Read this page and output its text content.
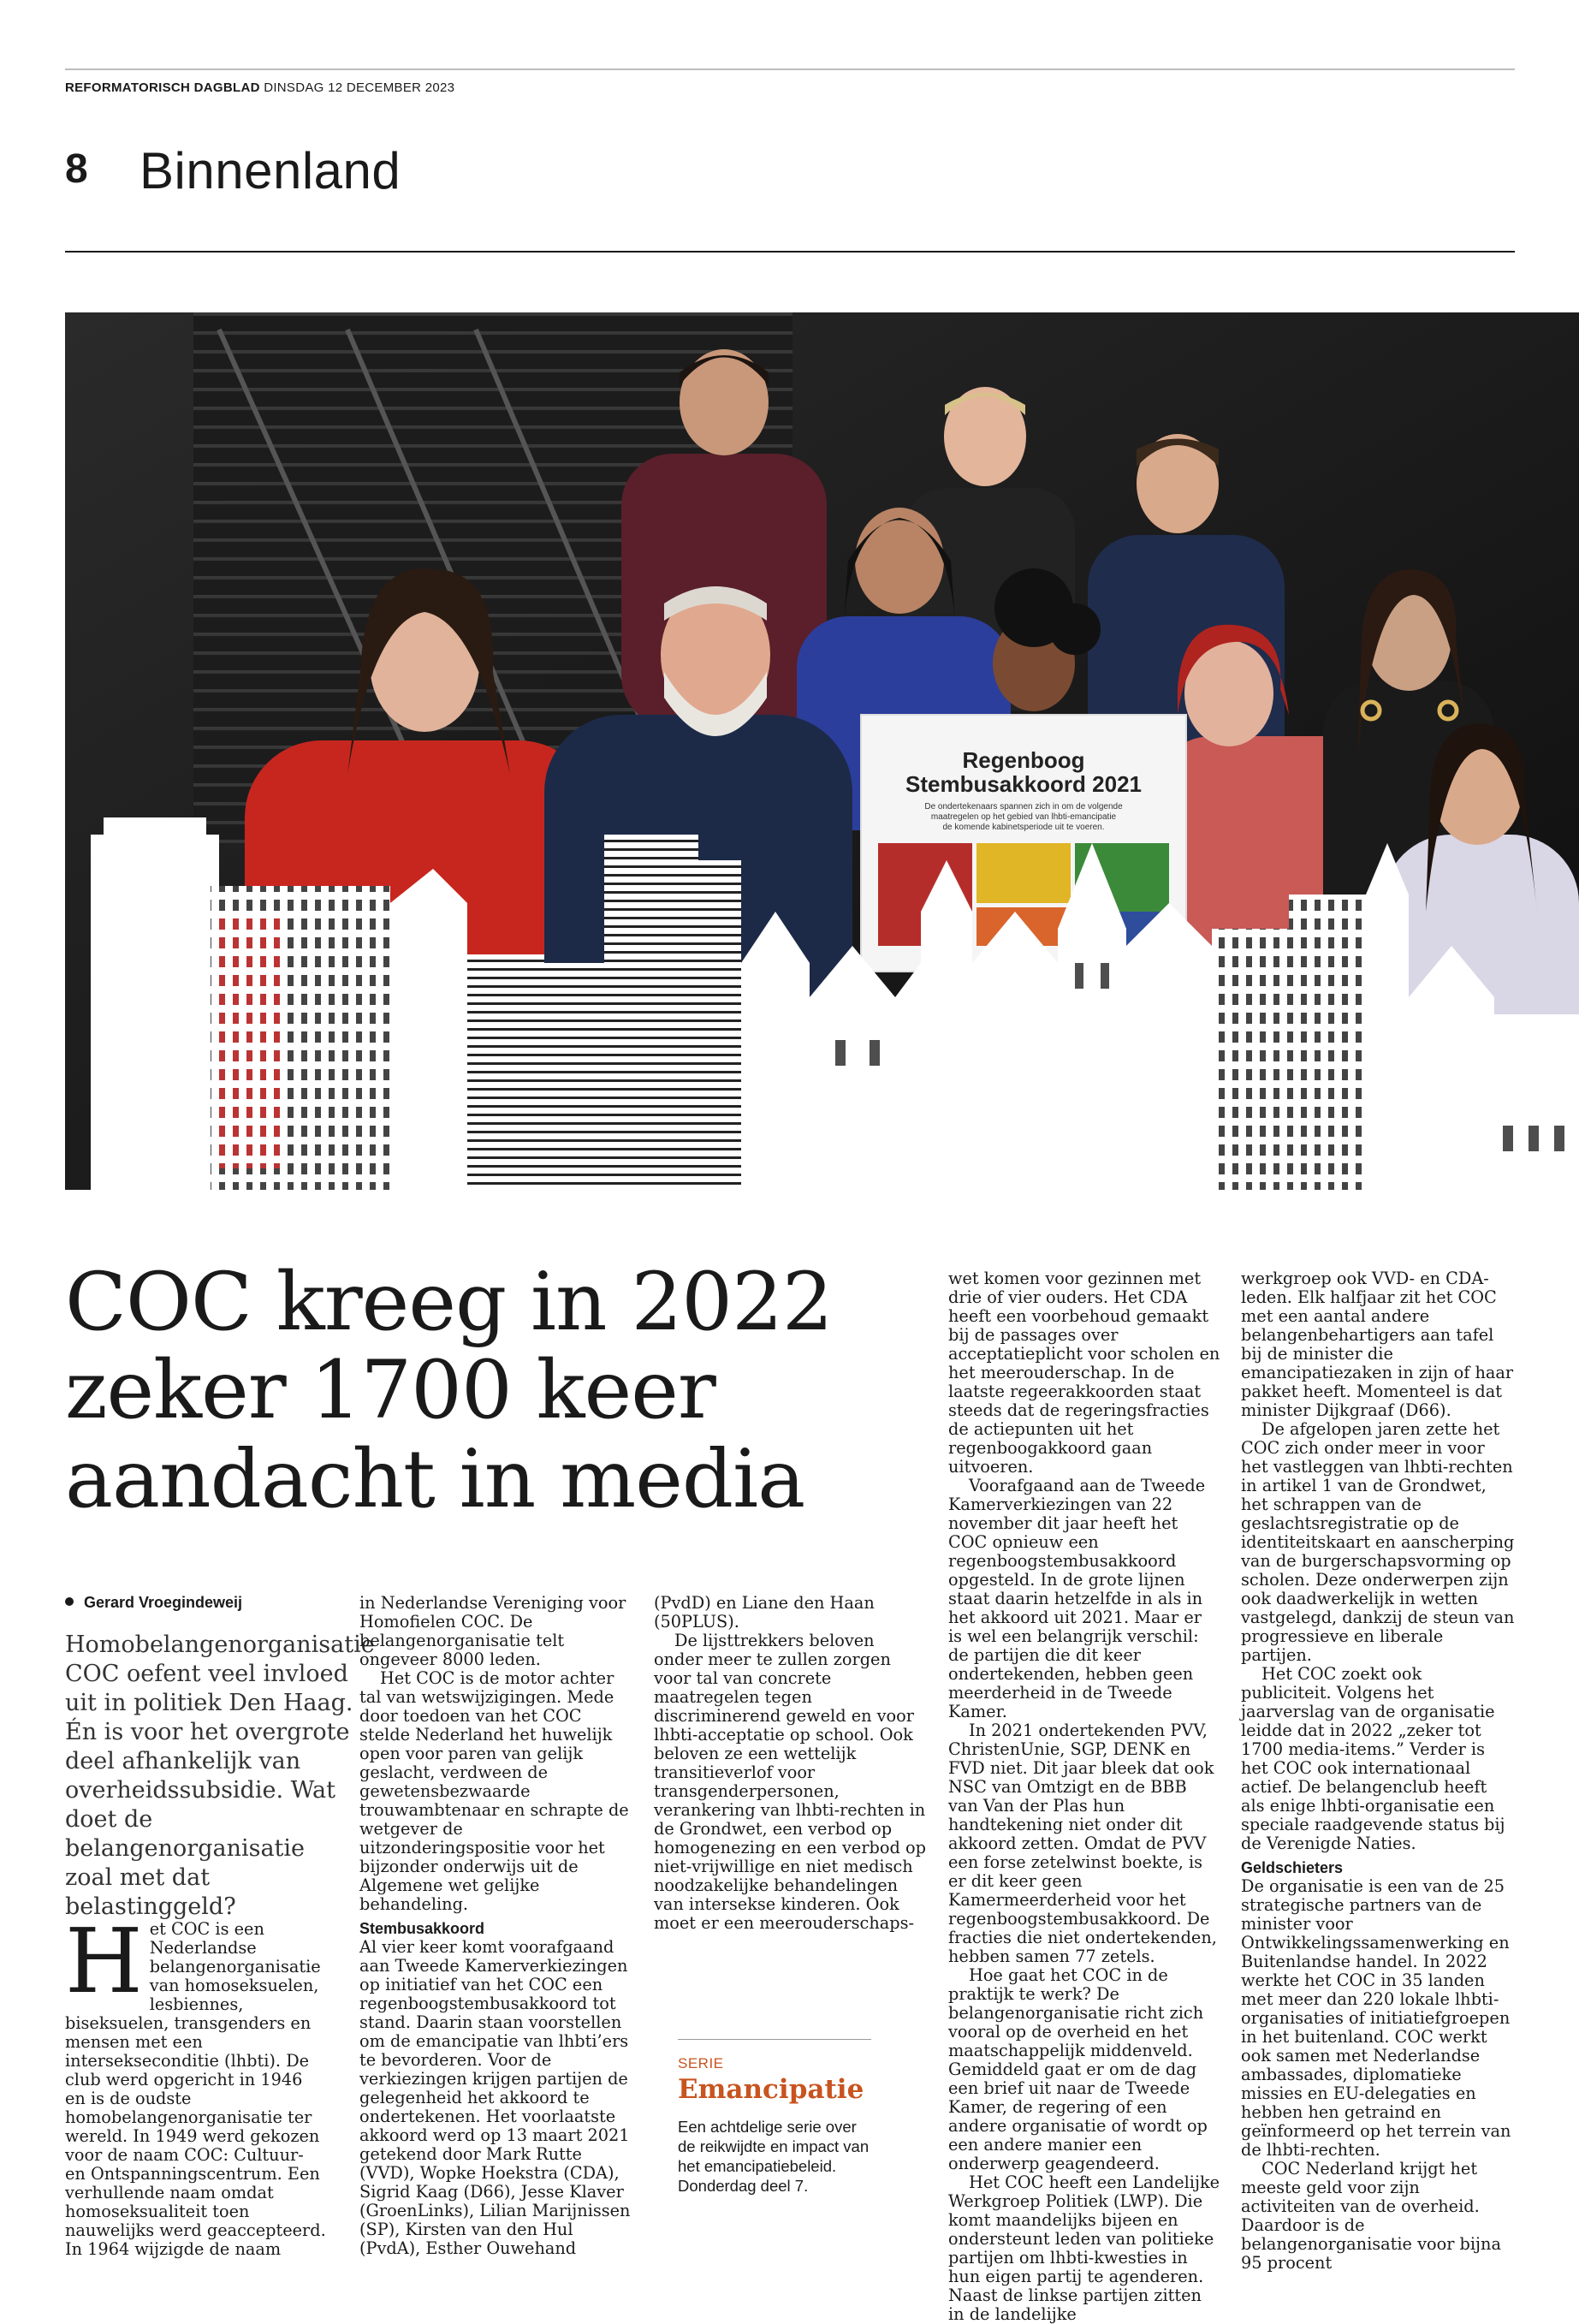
REFORMATORISCH DAGBLAD DINSDAG 12 DECEMBER 2023
8 Binnenland
Regenboog
Stembusakkoord 2021
De ondertekenaars spannen zich in om de volgende
maatregelen op het gebied van lhbti-emancipatie
de komende kabinetsperiode uit te voeren.
COC kreeg in 2022 zeker 1700 keer aandacht in media
Gerard Vroegindeweij
Homobelangenorganisatie COC oefent veel invloed uit in politiek Den Haag. Én is voor het overgrote deel afhankelijk van overheidssubsidie. Wat doet de belangenorganisatie zoal met dat belastinggeld?

Het COC is een Nederlandse belangenorganisatie van homoseksuelen, lesbiennes, biseksuelen, transgenders en mensen met een intersekseconditie (lhbti). De club werd opgericht in 1946 en is de oudste homobelangenorganisatie ter wereld. In 1949 werd gekozen voor de naam COC: Cultuur- en Ontspanningscentrum. Een verhullende naam omdat homoseksualiteit toen nauwelijks werd geaccepteerd. In 1964 wijzigde de naam

in Nederlandse Vereniging voor Homofielen COC. De belangenorganisatie telt ongeveer 8000 leden.

Het COC is de motor achter tal van wetswijzigingen. Mede door toedoen van het COC stelde Nederland het huwelijk open voor paren van gelijk geslacht, verdween de gewetensbezwaarde trouwambtenaar en schrapte de wetgever de uitzonderingspositie voor het bijzonder onderwijs uit de Algemene wet gelijke behandeling.

Stembusakkoord

Al vier keer komt voorafgaand aan Tweede Kamerverkiezingen op initiatief van het COC een regenboogstembusakkoord tot stand. Daarin staan voorstellen om de emancipatie van lhbti’ers te bevorderen. Voor de verkiezingen krijgen partijen de gelegenheid het akkoord te ondertekenen. Het voorlaatste akkoord werd op 13 maart 2021 getekend door Mark Rutte (VVD), Wopke Hoekstra (CDA), Sigrid Kaag (D66), Jesse Klaver (GroenLinks), Lilian Marijnissen (SP), Kirsten van den Hul (PvdA), Esther Ouwehand

(PvdD) en Liane den Haan (50PLUS).

De lijsttrekkers beloven onder meer te zullen zorgen voor tal van concrete maatregelen tegen discriminerend geweld en voor lhbti-acceptatie op school. Ook beloven ze een wettelijk transitieverlof voor transgenderpersonen, verankering van lhbti-rechten in de Grondwet, een verbod op homogenezing en een verbod op niet-vrijwillige en niet medisch noodzakelijke behandelingen van intersekse kinderen. Ook moet er een meerouderschaps-

SERIE
Emancipatie
Een achtdelige serie over de reikwijdte en impact van het emancipatiebeleid. Donderdag deel 7.

wet komen voor gezinnen met drie of vier ouders. Het CDA heeft een voorbehoud gemaakt bij de passages over acceptatieplicht voor scholen en het meerouderschap. In de laatste regeerakkoorden staat steeds dat de regeringsfracties de actiepunten uit het regenboogakkoord gaan uitvoeren.

Voorafgaand aan de Tweede Kamerverkiezingen van 22 november dit jaar heeft het COC opnieuw een regenboogstembusakkoord opgesteld. In de grote lijnen staat daarin hetzelfde in als in het akkoord uit 2021. Maar er is wel een belangrijk verschil: de partijen die dit keer ondertekenden, hebben geen meerderheid in de Tweede Kamer.

In 2021 ondertekenden PVV, ChristenUnie, SGP, DENK en FVD niet. Dit jaar bleek dat ook NSC van Omtzigt en de BBB van Van der Plas hun handtekening niet onder dit akkoord zetten. Omdat de PVV een forse zetelwinst boekte, is er dit keer geen Kamermeerderheid voor het regenboogstembusakkoord. De fracties die niet ondertekenden, hebben samen 77 zetels.

Hoe gaat het COC in de praktijk te werk? De belangenorganisatie richt zich vooral op de overheid en het maatschappelijk middenveld. Gemiddeld gaat er om de dag een brief uit naar de Tweede Kamer, de regering of een andere organisatie of wordt op een andere manier een onderwerp geagendeerd.

Het COC heeft een Landelijke Werkgroep Politiek (LWP). Die komt maandelijks bijeen en ondersteunt leden van politieke partijen om lhbti-kwesties in hun eigen partij te agenderen. Naast de linkse partijen zitten in de landelijke

werkgroep ook VVD- en CDA-leden. Elk halfjaar zit het COC met een aantal andere belangenbehartigers aan tafel bij de minister die emancipatiezaken in zijn of haar pakket heeft. Momenteel is dat minister Dijkgraaf (D66).

De afgelopen jaren zette het COC zich onder meer in voor het vastleggen van lhbti-rechten in artikel 1 van de Grondwet, het schrappen van de geslachtsregistratie op de identiteitskaart en aanscherping van de burgerschapsvorming op scholen. Deze onderwerpen zijn ook daadwerkelijk in wetten vastgelegd, dankzij de steun van progressieve en liberale partijen.

Het COC zoekt ook publiciteit. Volgens het jaarverslag van de organisatie leidde dat in 2022 „zeker tot 1700 media-items.” Verder is het COC ook internationaal actief. De belangenclub heeft als enige lhbti-organisatie een speciale raadgevende status bij de Verenigde Naties.

Geldschieters

De organisatie is een van de 25 strategische partners van de minister voor Ontwikkelingssamenwerking en Buitenlandse handel. In 2022 werkte het COC in 35 landen met meer dan 220 lokale lhbti-organisaties of initiatiefgroepen in het buitenland. COC werkt ook samen met Nederlandse ambassades, diplomatieke missies en EU-delegaties en hebben hen getraind en geïnformeerd op het terrein van de lhbti-rechten.

COC Nederland krijgt het meeste geld voor zijn activiteiten van de overheid. Daardoor is de belangenorganisatie voor bijna 95 procent
